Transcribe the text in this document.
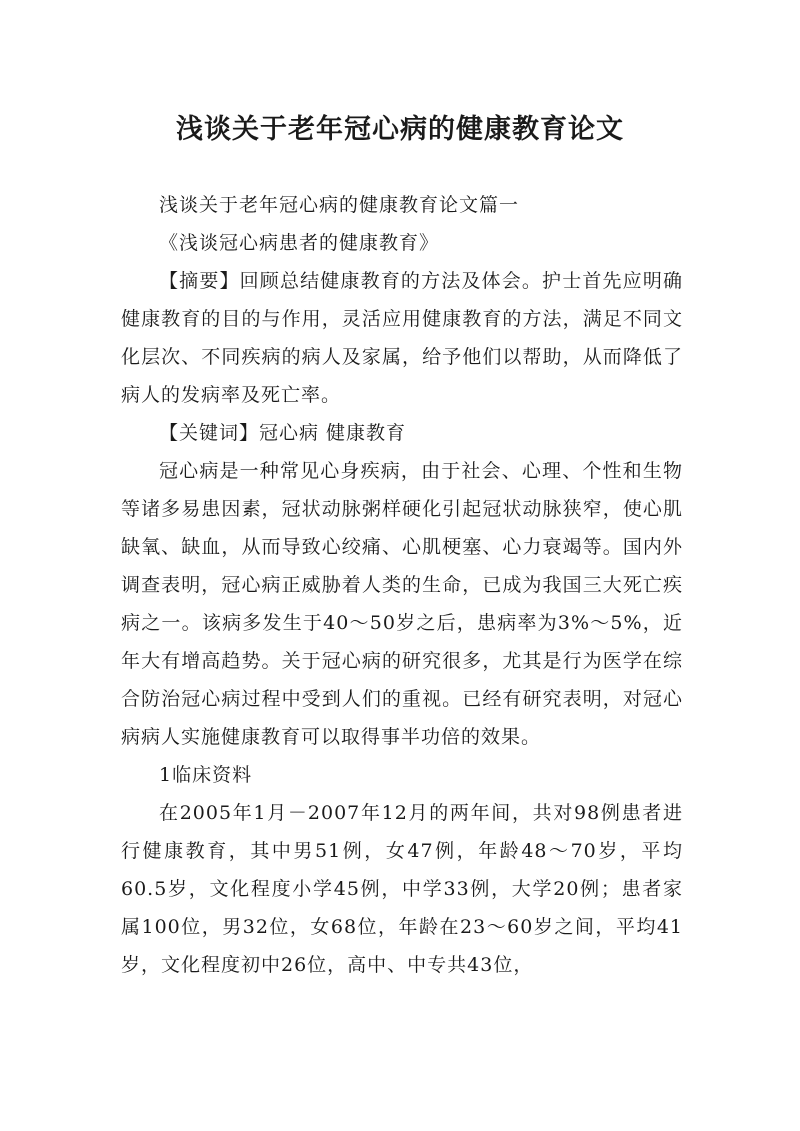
浅谈关于老年冠心病的健康教育论文

浅谈关于老年冠心病的健康教育论文篇一

《浅谈冠心病患者的健康教育》

【摘要】回顾总结健康教育的方法及体会。护士首先应明确健康教育的目的与作用，灵活应用健康教育的方法，满足不同文化层次、不同疾病的病人及家属，给予他们以帮助，从而降低了病人的发病率及死亡率。

【关键词】冠心病 健康教育

冠心病是一种常见心身疾病，由于社会、心理、个性和生物等诸多易患因素，冠状动脉粥样硬化引起冠状动脉狭窄，使心肌缺氧、缺血，从而导致心绞痛、心肌梗塞、心力衰竭等。国内外调查表明，冠心病正威胁着人类的生命，已成为我国三大死亡疾病之一。该病多发生于40～50岁之后，患病率为3%～5%，近年大有增高趋势。关于冠心病的研究很多，尤其是行为医学在综合防治冠心病过程中受到人们的重视。已经有研究表明，对冠心病病人实施健康教育可以取得事半功倍的效果。

1临床资料

在2005年1月－2007年12月的两年间，共对98例患者进行健康教育，其中男51例，女47例，年龄48～70岁，平均60.5岁，文化程度小学45例，中学33例，大学20例；患者家属100位，男32位，女68位，年龄在23～60岁之间，平均41岁，文化程度初中26位，高中、中专共43位，
